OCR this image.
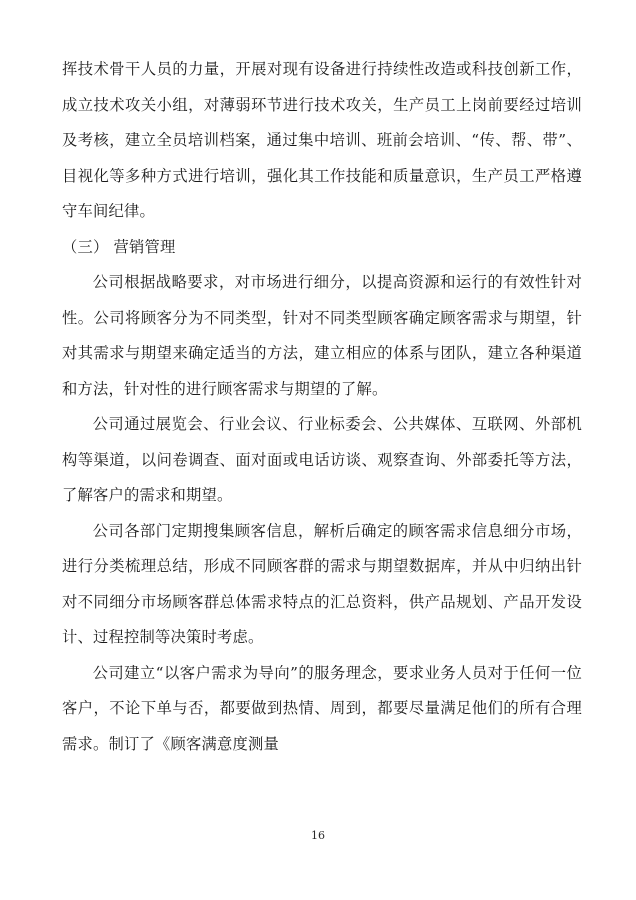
挥技术骨干人员的力量，开展对现有设备进行持续性改造或科技创新工作，成立技术攻关小组，对薄弱环节进行技术攻关，生产员工上岗前要经过培训及考核，建立全员培训档案，通过集中培训、班前会培训、“传、帮、带”、目视化等多种方式进行培训，强化其工作技能和质量意识，生产员工严格遵守车间纪律。

（三） 营销管理

公司根据战略要求，对市场进行细分，以提高资源和运行的有效性针对性。公司将顾客分为不同类型，针对不同类型顾客确定顾客需求与期望，针对其需求与期望来确定适当的方法，建立相应的体系与团队，建立各种渠道和方法，针对性的进行顾客需求与期望的了解。

公司通过展览会、行业会议、行业标委会、公共媒体、互联网、外部机构等渠道，以问卷调查、面对面或电话访谈、观察查询、外部委托等方法，了解客户的需求和期望。

公司各部门定期搜集顾客信息，解析后确定的顾客需求信息细分市场，进行分类梳理总结，形成不同顾客群的需求与期望数据库，并从中归纳出针对不同细分市场顾客群总体需求特点的汇总资料，供产品规划、产品开发设计、过程控制等决策时考虑。

公司建立“以客户需求为导向”的服务理念，要求业务人员对于任何一位客户，不论下单与否，都要做到热情、周到，都要尽量满足他们的所有合理需求。制订了《顾客满意度测量

16
